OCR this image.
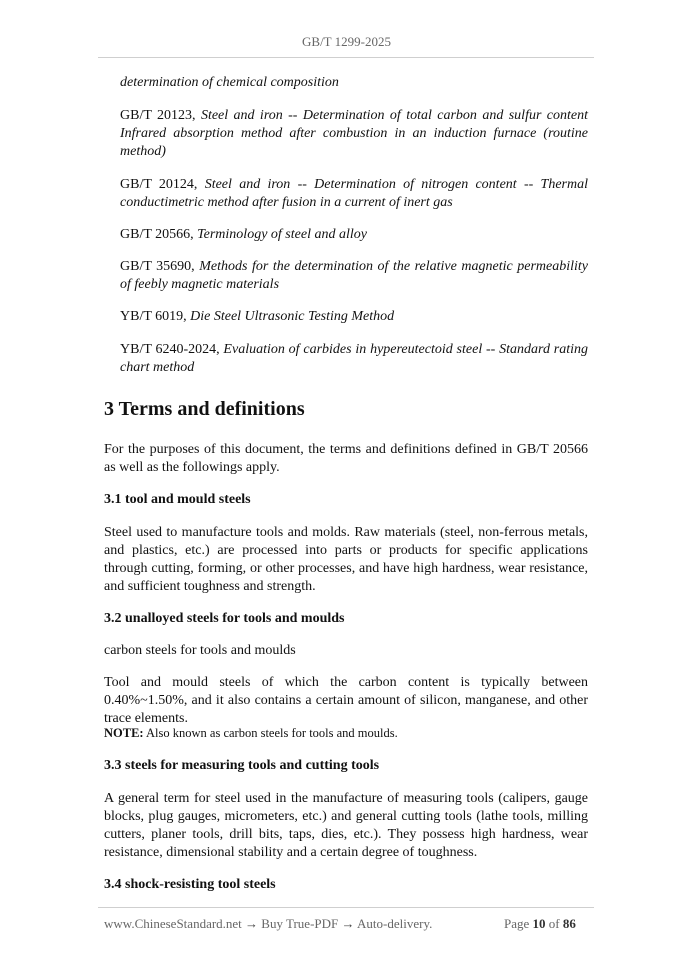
GB/T 1299-2025
determination of chemical composition
GB/T 20123, Steel and iron -- Determination of total carbon and sulfur content Infrared absorption method after combustion in an induction furnace (routine method)
GB/T 20124, Steel and iron -- Determination of nitrogen content -- Thermal conductimetric method after fusion in a current of inert gas
GB/T 20566, Terminology of steel and alloy
GB/T 35690, Methods for the determination of the relative magnetic permeability of feebly magnetic materials
YB/T 6019, Die Steel Ultrasonic Testing Method
YB/T 6240-2024, Evaluation of carbides in hypereutectoid steel -- Standard rating chart method
3 Terms and definitions
For the purposes of this document, the terms and definitions defined in GB/T 20566 as well as the followings apply.
3.1 tool and mould steels
Steel used to manufacture tools and molds. Raw materials (steel, non-ferrous metals, and plastics, etc.) are processed into parts or products for specific applications through cutting, forming, or other processes, and have high hardness, wear resistance, and sufficient toughness and strength.
3.2 unalloyed steels for tools and moulds
carbon steels for tools and moulds
Tool and mould steels of which the carbon content is typically between 0.40%~1.50%, and it also contains a certain amount of silicon, manganese, and other trace elements.
NOTE: Also known as carbon steels for tools and moulds.
3.3 steels for measuring tools and cutting tools
A general term for steel used in the manufacture of measuring tools (calipers, gauge blocks, plug gauges, micrometers, etc.) and general cutting tools (lathe tools, milling cutters, planer tools, drill bits, taps, dies, etc.). They possess high hardness, wear resistance, dimensional stability and a certain degree of toughness.
3.4 shock-resisting tool steels
www.ChineseStandard.net → Buy True-PDF → Auto-delivery.	Page 10 of 86
